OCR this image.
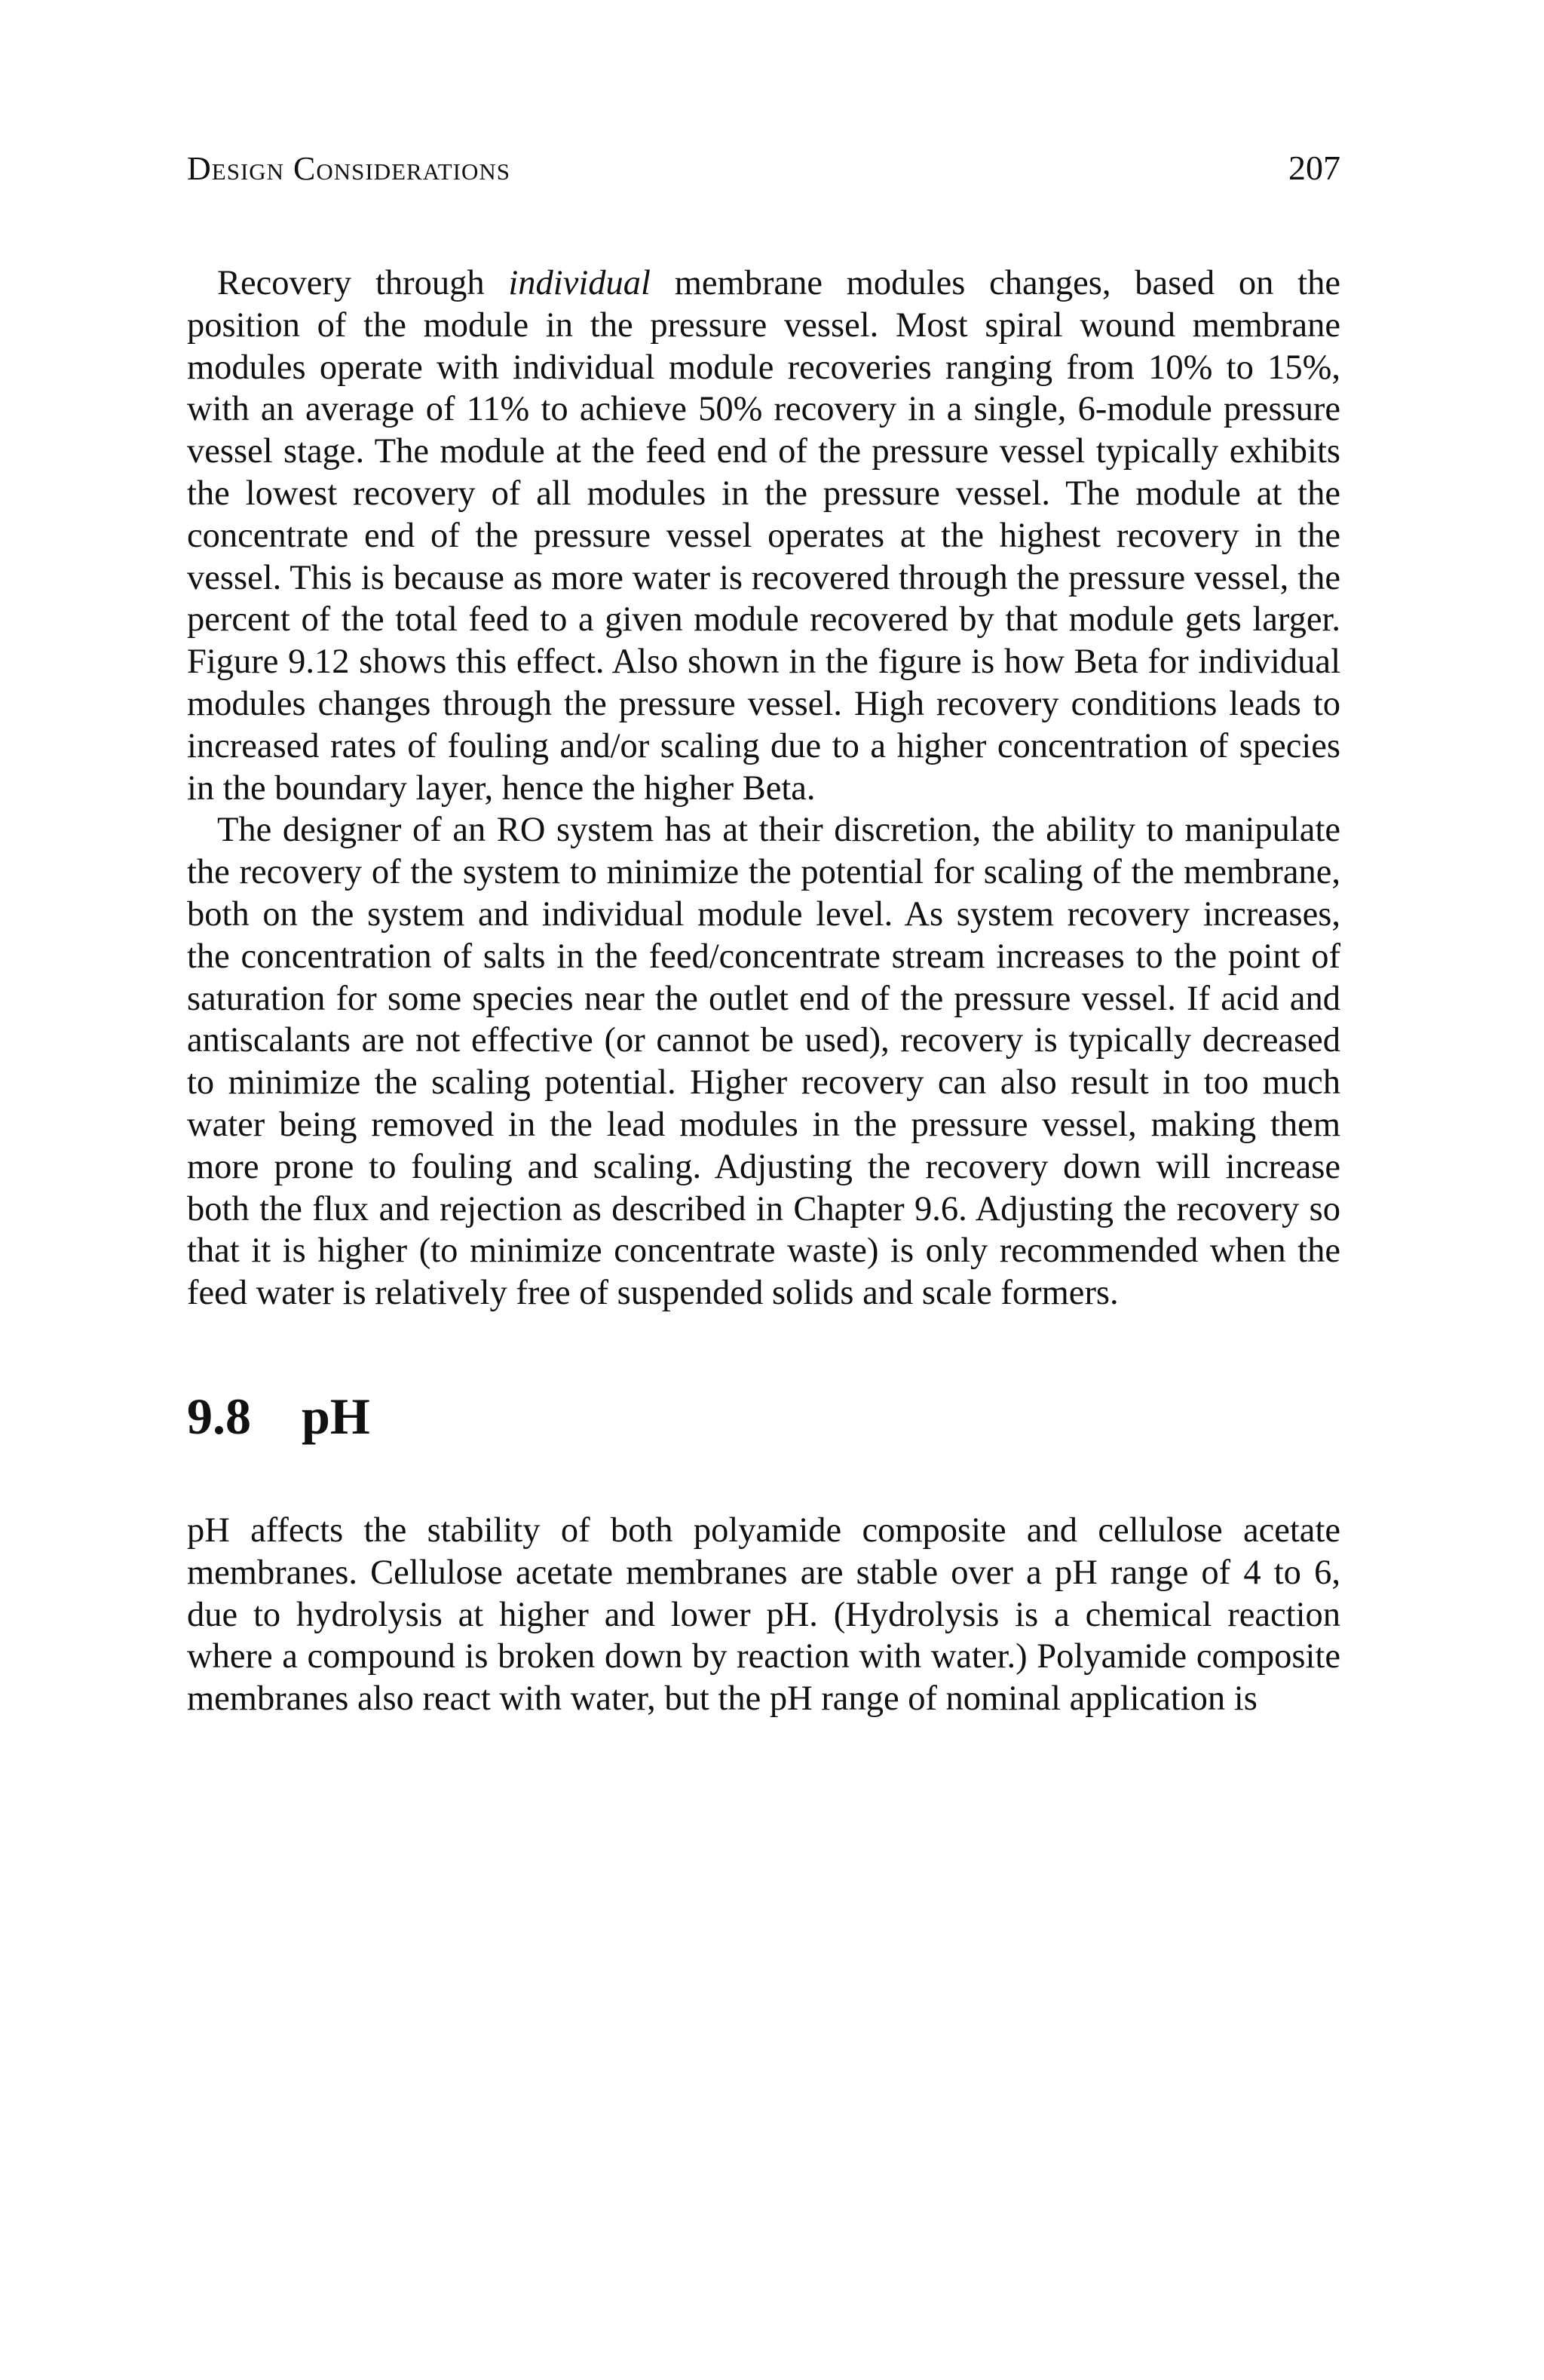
Design Considerations	207

Recovery through individual membrane modules changes, based on the position of the module in the pressure vessel. Most spiral wound membrane modules operate with individual module recoveries ranging from 10% to 15%, with an average of 11% to achieve 50% recovery in a single, 6-module pressure vessel stage. The module at the feed end of the pressure vessel typically exhibits the lowest recovery of all modules in the pressure vessel. The module at the concentrate end of the pressure vessel operates at the highest recovery in the vessel. This is because as more water is recovered through the pressure vessel, the percent of the total feed to a given module recovered by that module gets larger. Figure 9.12 shows this effect. Also shown in the figure is how Beta for individual modules changes through the pressure vessel. High recovery conditions leads to increased rates of fouling and/or scaling due to a higher concentration of species in the boundary layer, hence the higher Beta.

The designer of an RO system has at their discretion, the ability to manipulate the recovery of the system to minimize the potential for scaling of the membrane, both on the system and individual module level. As system recovery increases, the concentration of salts in the feed/concentrate stream increases to the point of saturation for some species near the outlet end of the pressure vessel. If acid and antiscalants are not effective (or cannot be used), recovery is typically decreased to minimize the scaling potential. Higher recovery can also result in too much water being removed in the lead modules in the pressure vessel, making them more prone to fouling and scaling. Adjusting the recovery down will increase both the flux and rejection as described in Chapter 9.6. Adjusting the recovery so that it is higher (to minimize concentrate waste) is only recommended when the feed water is relatively free of suspended solids and scale formers.

9.8 pH

pH affects the stability of both polyamide composite and cellulose acetate membranes. Cellulose acetate membranes are stable over a pH range of 4 to 6, due to hydrolysis at higher and lower pH. (Hydrolysis is a chemical reaction where a compound is broken down by reaction with water.) Polyamide composite membranes also react with water, but the pH range of nominal application is
